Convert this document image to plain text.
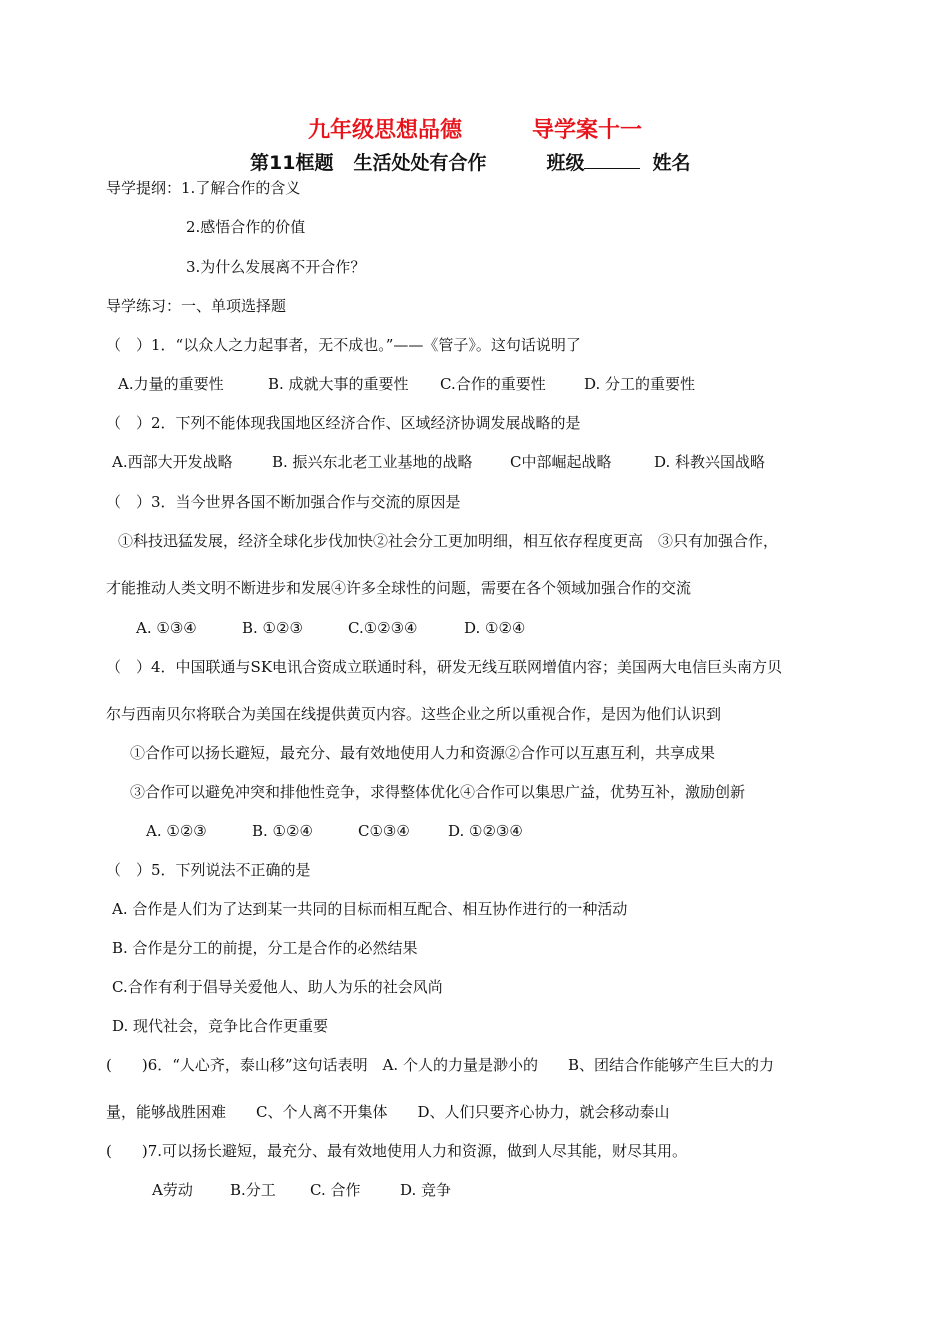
九年级思想品德	导学案十一
第11框题 生活处处有合作	班级	姓名
导学提纲：1.了解合作的含义
2.感悟合作的价值
3.为什么发展离不开合作？
导学练习：一、单项选择题
（　）1．“以众人之力起事者，无不成也。”——《管子》。这句话说明了
A.力量的重要性	B. 成就大事的重要性 C.合作的重要性	D. 分工的重要性
（　）2．下列不能体现我国地区经济合作、区域经济协调发展战略的是
A.西部大开发战略	B. 振兴东北老工业基地的战略 C中部崛起战略	D. 科教兴国战略
（　）3．当今世界各国不断加强合作与交流的原因是
①科技迅猛发展，经济全球化步伐加快②社会分工更加明细，相互依存程度更高　③只有加强合作，
才能推动人类文明不断进步和发展④许多全球性的问题，需要在各个领域加强合作的交流
A. ①③④	B. ①②③	C.①②③④	D. ①②④
（　）4．中国联通与SK电讯合资成立联通时科，研发无线互联网增值内容；美国两大电信巨头南方贝
尔与西南贝尔将联合为美国在线提供黄页内容。这些企业之所以重视合作，是因为他们认识到
①合作可以扬长避短，最充分、最有效地使用人力和资源②合作可以互惠互利，共享成果
③合作可以避免冲突和排他性竞争，求得整体优化④合作可以集思广益，优势互补，激励创新
A. ①②③	B. ①②④	C①③④	D. ①②③④
（　）5．下列说法不正确的是
A. 合作是人们为了达到某一共同的目标而相互配合、相互协作进行的一种活动
B. 合作是分工的前提，分工是合作的必然结果
C.合作有利于倡导关爱他人、助人为乐的社会风尚
D. 现代社会，竞争比合作更重要
(　　)6．“人心齐，泰山移”这句话表明　A. 个人的力量是渺小的　　B、团结合作能够产生巨大的力
量，能够战胜困难　　C、个人离不开集体　　D、人们只要齐心协力，就会移动泰山
(　　)7.可以扬长避短，最充分、最有效地使用人力和资源，做到人尽其能，财尽其用。
A劳动 B.分工 C. 合作	D. 竞争
